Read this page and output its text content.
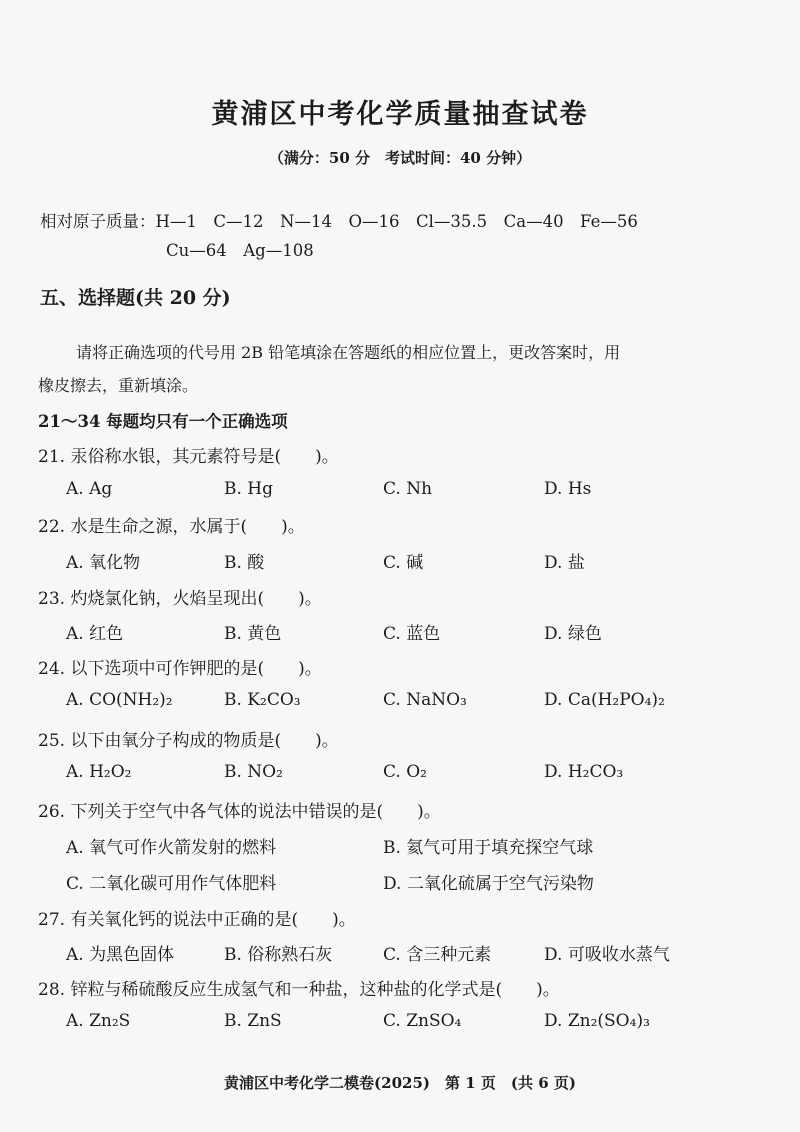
黄浦区中考化学质量抽查试卷
（满分：50 分　考试时间：40 分钟）
相对原子质量：H—1　C—12　N—14　O—16　Cl—35.5　Ca—40　Fe—56
Cu—64　Ag—108
五、选择题(共 20 分)
请将正确选项的代号用 2B 铅笔填涂在答题纸的相应位置上，更改答案时，用
橡皮擦去，重新填涂。
21～34 每题均只有一个正确选项
21. 汞俗称水银，其元素符号是(　　)。
A. Ag	B. Hg	C. Nh	D. Hs
22. 水是生命之源，水属于(　　)。
A. 氧化物	B. 酸	C. 碱	D. 盐
23. 灼烧氯化钠，火焰呈现出(　　)。
A. 红色	B. 黄色	C. 蓝色	D. 绿色
24. 以下选项中可作钾肥的是(　　)。
A. CO(NH₂)₂	B. K₂CO₃	C. NaNO₃	D. Ca(H₂PO₄)₂
25. 以下由氧分子构成的物质是(　　)。
A. H₂O₂	B. NO₂	C. O₂	D. H₂CO₃
26. 下列关于空气中各气体的说法中错误的是(　　)。
A. 氧气可作火箭发射的燃料	B. 氦气可用于填充探空气球
C. 二氧化碳可用作气体肥料	D. 二氧化硫属于空气污染物
27. 有关氧化钙的说法中正确的是(　　)。
A. 为黑色固体	B. 俗称熟石灰	C. 含三种元素	D. 可吸收水蒸气
28. 锌粒与稀硫酸反应生成氢气和一种盐，这种盐的化学式是(　　)。
A. Zn₂S	B. ZnS	C. ZnSO₄	D. Zn₂(SO₄)₃
黄浦区中考化学二模卷(2025)　第 1 页　(共 6 页)
